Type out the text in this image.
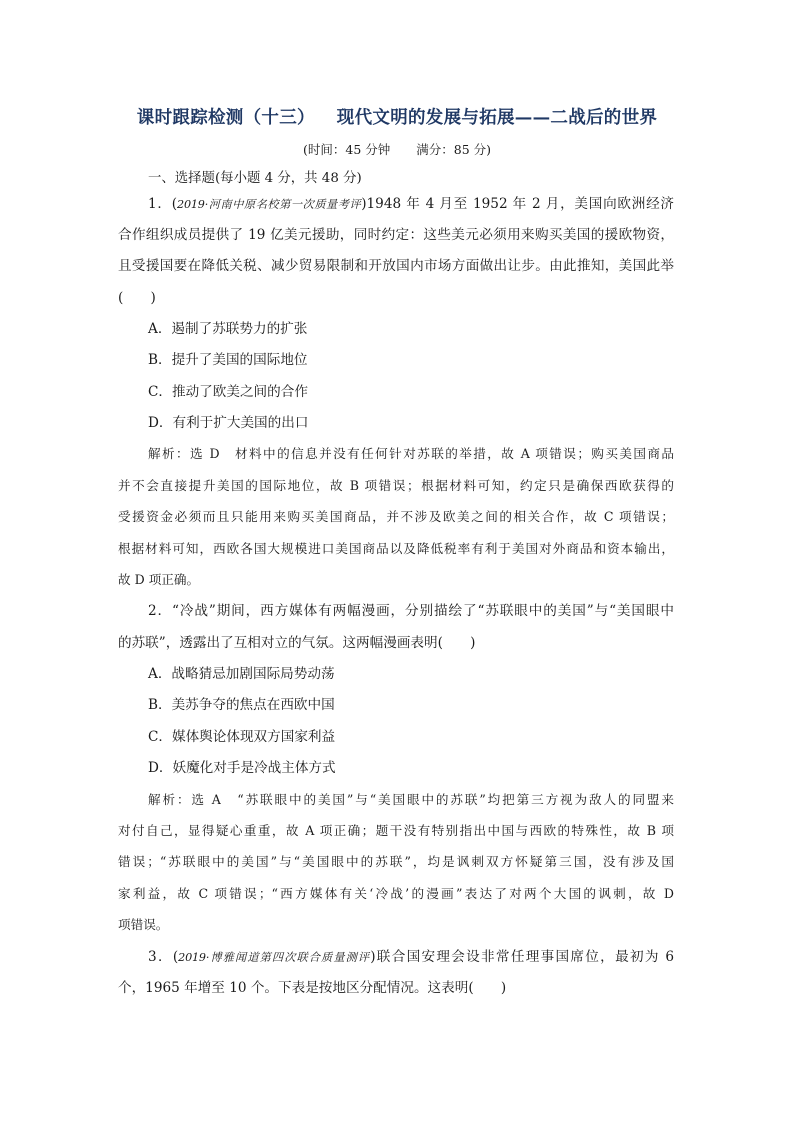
课时跟踪检测（十三） 现代文明的发展与拓展——二战后的世界
(时间：45 分钟 满分：85 分)
一、选择题(每小题 4 分，共 48 分)
1．(2019·河南中原名校第一次质量考评)1948 年 4 月至 1952 年 2 月，美国向欧洲经济
合作组织成员提供了 19 亿美元援助，同时约定：这些美元必须用来购买美国的援欧物资，
且受援国要在降低关税、减少贸易限制和开放国内市场方面做出让步。由此推知，美国此举
(　　)
A．遏制了苏联势力的扩张
B．提升了美国的国际地位
C．推动了欧美之间的合作
D．有利于扩大美国的出口
解析：选 D　材料中的信息并没有任何针对苏联的举措，故 A 项错误；购买美国商品
并不会直接提升美国的国际地位，故 B 项错误；根据材料可知，约定只是确保西欧获得的
受援资金必须而且只能用来购买美国商品，并不涉及欧美之间的相关合作，故 C 项错误；
根据材料可知，西欧各国大规模进口美国商品以及降低税率有利于美国对外商品和资本输出，
故 D 项正确。
2．“冷战”期间，西方媒体有两幅漫画，分别描绘了“苏联眼中的美国”与“美国眼中
的苏联”，透露出了互相对立的气氛。这两幅漫画表明(　　)
A．战略猜忌加剧国际局势动荡
B．美苏争夺的焦点在西欧中国
C．媒体舆论体现双方国家利益
D．妖魔化对手是冷战主体方式
解析：选 A　“苏联眼中的美国”与“美国眼中的苏联”均把第三方视为敌人的同盟来
对付自己，显得疑心重重，故 A 项正确；题干没有特别指出中国与西欧的特殊性，故 B 项
错误；“苏联眼中的美国”与“美国眼中的苏联”，均是讽刺双方怀疑第三国，没有涉及国
家利益，故 C 项错误；“西方媒体有关‘冷战’的漫画”表达了对两个大国的讽刺，故 D
项错误。
3．(2019·博雅闻道第四次联合质量测评)联合国安理会设非常任理事国席位，最初为 6
个，1965 年增至 10 个。下表是按地区分配情况。这表明(　　)
